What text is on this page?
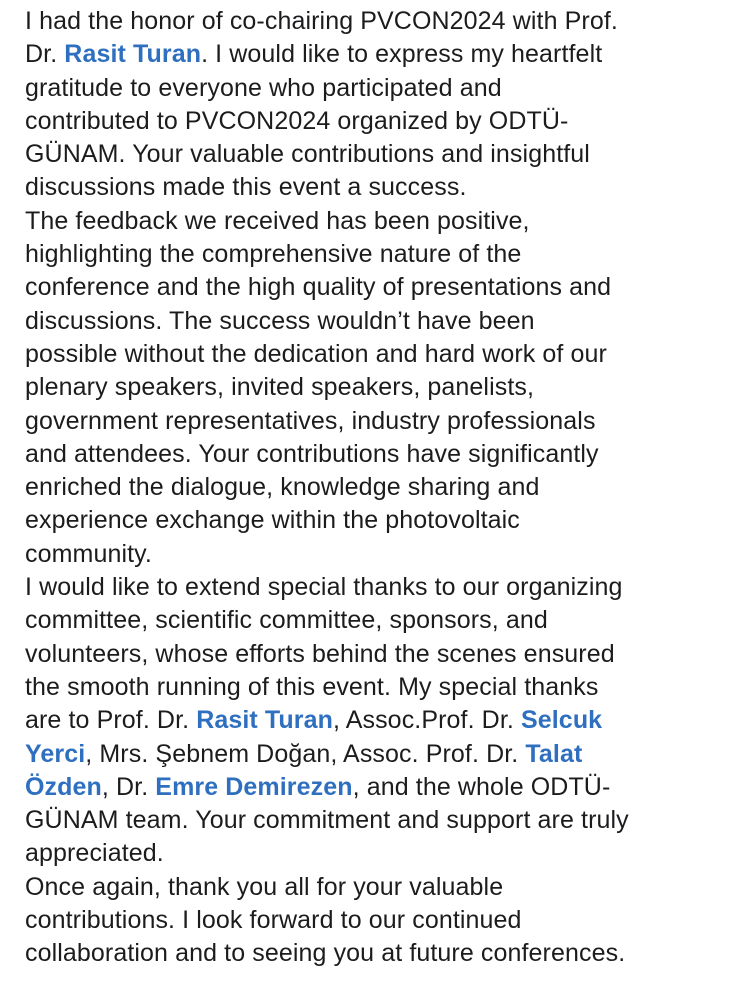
I had the honor of co-chairing PVCON2024 with Prof.
Dr. Rasit Turan. I would like to express my heartfelt
gratitude to everyone who participated and
contributed to PVCON2024 organized by ODTÜ-
GÜNAM. Your valuable contributions and insightful
discussions made this event a success.
The feedback we received has been positive,
highlighting the comprehensive nature of the
conference and the high quality of presentations and
discussions. The success wouldn’t have been
possible without the dedication and hard work of our
plenary speakers, invited speakers, panelists,
government representatives, industry professionals
and attendees. Your contributions have significantly
enriched the dialogue, knowledge sharing and
experience exchange within the photovoltaic
community.
I would like to extend special thanks to our organizing
committee, scientific committee, sponsors, and
volunteers, whose efforts behind the scenes ensured
the smooth running of this event. My special thanks
are to Prof. Dr. Rasit Turan, Assoc.Prof. Dr. Selcuk
Yerci, Mrs. Şebnem Doğan, Assoc. Prof. Dr. Talat
Özden, Dr. Emre Demirezen, and the whole ODTÜ-
GÜNAM team. Your commitment and support are truly
appreciated.
Once again, thank you all for your valuable
contributions. I look forward to our continued
collaboration and to seeing you at future conferences.
